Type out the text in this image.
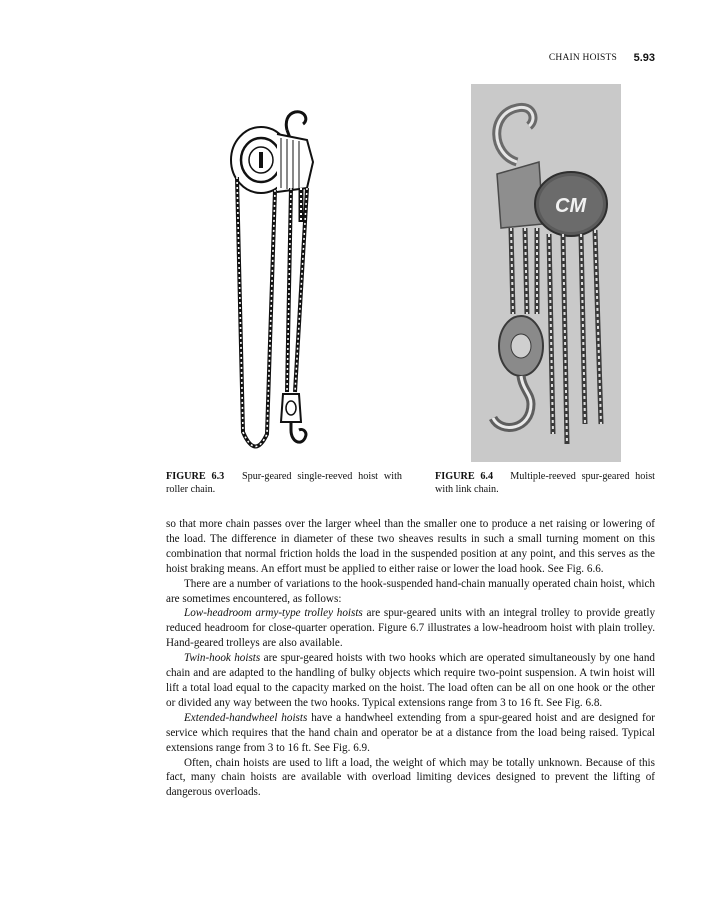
CHAIN HOISTS 5.93
CM
FIGURE 6.3 Spur-geared single-reeved hoist with roller chain.
FIGURE 6.4 Multiple-reeved spur-geared hoist with link chain.

so that more chain passes over the larger wheel than the smaller one to produce a net raising or lowering of the load. The difference in diameter of these two sheaves results in such a small turning moment on this combination that normal friction holds the load in the suspended position at any point, and this serves as the hoist braking means. An effort must be applied to either raise or lower the load hook. See Fig. 6.6.

There are a number of variations to the hook-suspended hand-chain manually operated chain hoist, which are sometimes encountered, as follows:

Low-headroom army-type trolley hoists are spur-geared units with an integral trolley to provide greatly reduced headroom for close-quarter operation. Figure 6.7 illustrates a low-headroom hoist with plain trolley. Hand-geared trolleys are also available.

Twin-hook hoists are spur-geared hoists with two hooks which are operated simultaneously by one hand chain and are adapted to the handling of bulky objects which require two-point suspension. A twin hoist will lift a total load equal to the capacity marked on the hoist. The load often can be all on one hook or the other or divided any way between the two hooks. Typical extensions range from 3 to 16 ft. See Fig. 6.8.

Extended-handwheel hoists have a handwheel extending from a spur-geared hoist and are designed for service which requires that the hand chain and operator be at a distance from the load being raised. Typical extensions range from 3 to 16 ft. See Fig. 6.9.

Often, chain hoists are used to lift a load, the weight of which may be totally unknown. Because of this fact, many chain hoists are available with overload limiting devices designed to prevent the lifting of dangerous overloads.
